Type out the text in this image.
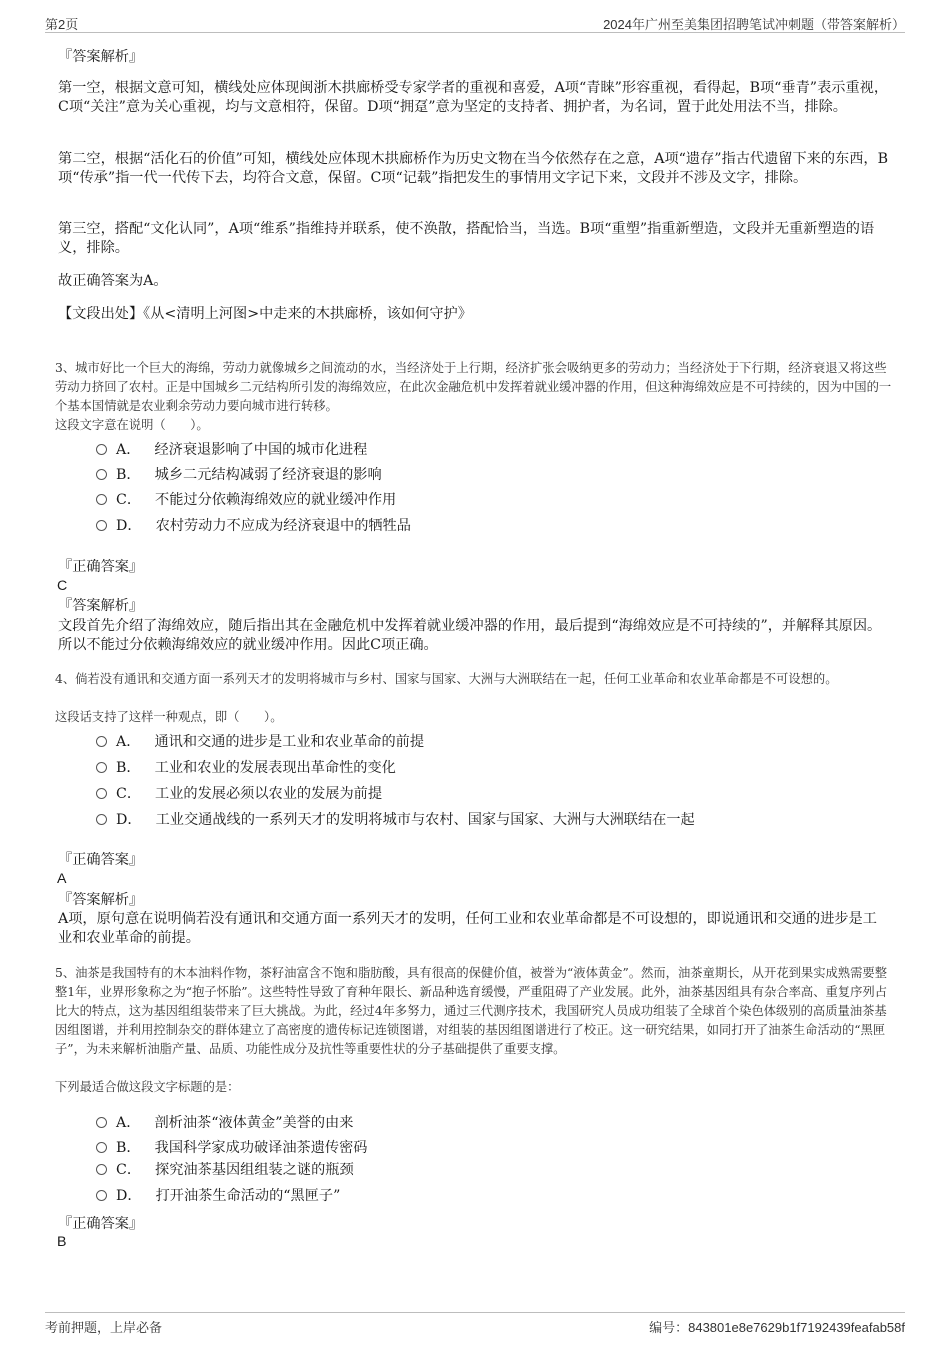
第2页	2024年广州至美集团招聘笔试冲刺题（带答案解析）
『答案解析』

第一空，根据文意可知，横线处应体现闽浙木拱廊桥受专家学者的重视和喜爱，A项“青睐”形容重视，看得起，B项“垂青”表示重视，C项“关注”意为关心重视，均与文意相符，保留。D项“拥趸”意为坚定的支持者、拥护者，为名词，置于此处用法不当，排除。

第二空，根据“活化石的价值”可知，横线处应体现木拱廊桥作为历史文物在当今依然存在之意，A项“遗存”指古代遗留下来的东西，B项“传承”指一代一代传下去，均符合文意，保留。C项“记载”指把发生的事情用文字记下来，文段并不涉及文字，排除。

第三空，搭配“文化认同”，A项“维系”指维持并联系，使不涣散，搭配恰当，当选。B项“重塑”指重新塑造，文段并无重新塑造的语义，排除。

故正确答案为A。

【文段出处】《从<清明上河图>中走来的木拱廊桥，该如何守护》

3、城市好比一个巨大的海绵，劳动力就像城乡之间流动的水，当经济处于上行期，经济扩张会吸纳更多的劳动力；当经济处于下行期，经济衰退又将这些劳动力挤回了农村。正是中国城乡二元结构所引发的海绵效应，在此次金融危机中发挥着就业缓冲器的作用，但这种海绵效应是不可持续的，因为中国的一个基本国情就是农业剩余劳动力要向城市进行转移。

这段文字意在说明（　　）。

A． 经济衰退影响了中国的城市化进程
B． 城乡二元结构减弱了经济衰退的影响
C． 不能过分依赖海绵效应的就业缓冲作用
D． 农村劳动力不应成为经济衰退中的牺牲品
『正确答案』
C
『答案解析』

文段首先介绍了海绵效应，随后指出其在金融危机中发挥着就业缓冲器的作用，最后提到“海绵效应是不可持续的”，并解释其原因。所以不能过分依赖海绵效应的就业缓冲作用。因此C项正确。

4、倘若没有通讯和交通方面一系列天才的发明将城市与乡村、国家与国家、大洲与大洲联结在一起，任何工业革命和农业革命都是不可设想的。

这段话支持了这样一种观点，即（　　）。

A． 通讯和交通的进步是工业和农业革命的前提
B． 工业和农业的发展表现出革命性的变化
C． 工业的发展必须以农业的发展为前提
D． 工业交通战线的一系列天才的发明将城市与农村、国家与国家、大洲与大洲联结在一起
『正确答案』
A
『答案解析』

A项，原句意在说明倘若没有通讯和交通方面一系列天才的发明，任何工业和农业革命都是不可设想的，即说通讯和交通的进步是工业和农业革命的前提。

5、油茶是我国特有的木本油料作物，茶籽油富含不饱和脂肪酸，具有很高的保健价值，被誉为“液体黄金”。然而，油茶童期长，从开花到果实成熟需要整整1年，业界形象称之为“抱子怀胎”。这些特性导致了育种年限长、新品种选育缓慢，严重阻碍了产业发展。此外，油茶基因组具有杂合率高、重复序列占比大的特点，这为基因组组装带来了巨大挑战。为此，经过4年多努力，通过三代测序技术，我国研究人员成功组装了全球首个染色体级别的高质量油茶基因组图谱，并利用控制杂交的群体建立了高密度的遗传标记连锁图谱，对组装的基因组图谱进行了校正。这一研究结果，如同打开了油茶生命活动的“黑匣子”，为未来解析油脂产量、品质、功能性成分及抗性等重要性状的分子基础提供了重要支撑。

下列最适合做这段文字标题的是：

A． 剖析油茶“液体黄金”美誉的由来
B． 我国科学家成功破译油茶遗传密码
C． 探究油茶基因组组装之谜的瓶颈
D． 打开油茶生命活动的“黑匣子”
『正确答案』
B
考前押题，上岸必备	编号：843801e8e7629b1f7192439feafab58f
